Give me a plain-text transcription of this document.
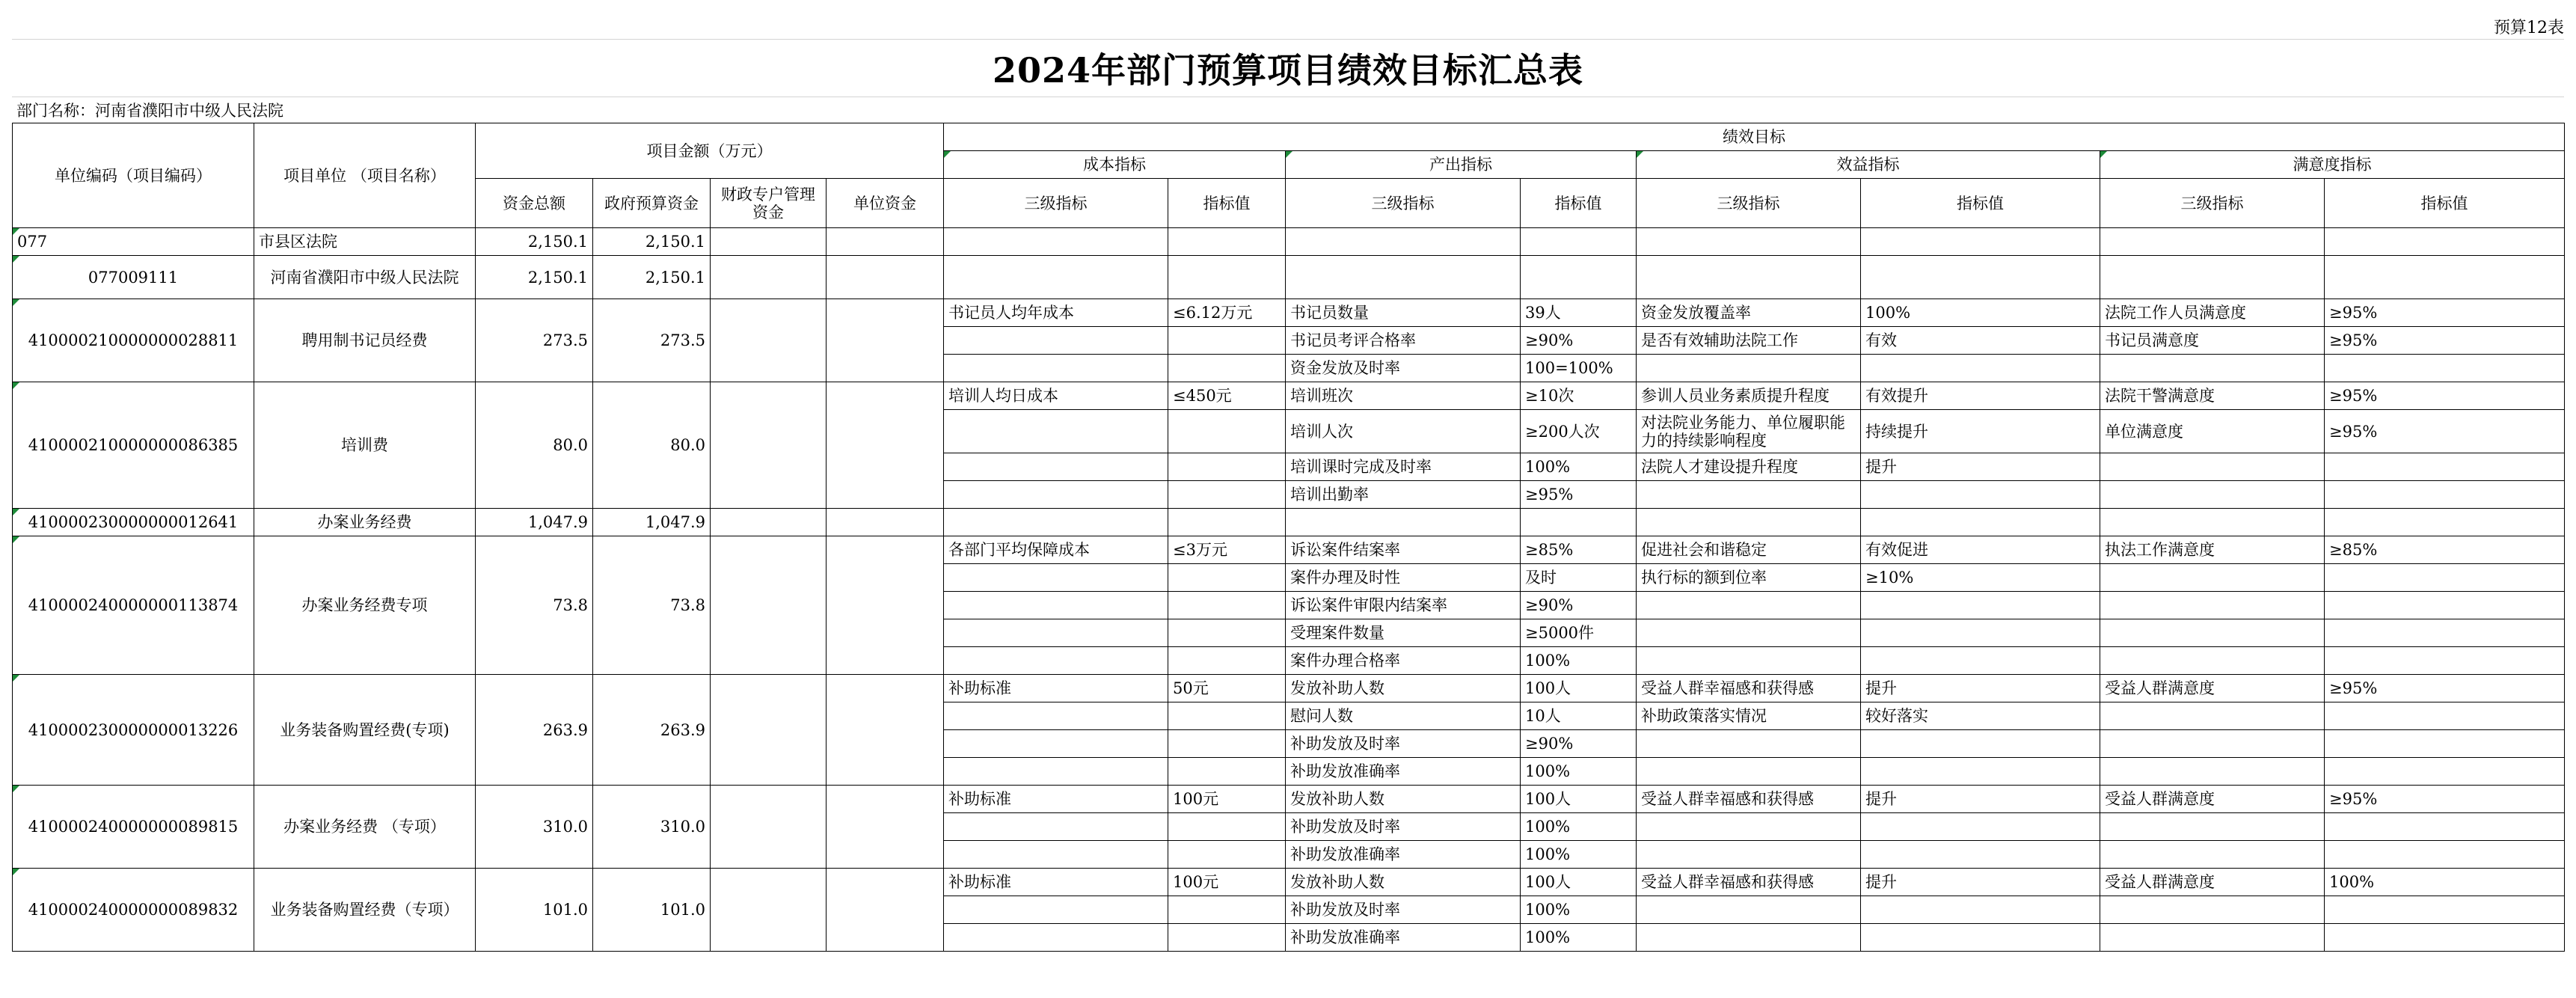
预算12表
2024年部门预算项目绩效目标汇总表
部门名称：河南省濮阳市中级人民法院
单位编码（项目编码）	项目单位 （项目名称）	项目金额（万元）				绩效目标							
						成本指标		产出指标		效益指标		满意度指标	
		资金总额	政府预算资金	财政专户管理资金	单位资金	三级指标	指标值	三级指标	指标值	三级指标	指标值	三级指标	指标值
077	市县区法院	2,150.1	2,150.1										
077009111	河南省濮阳市中级人民法院	2,150.1	2,150.1										
410000210000000028811	聘用制书记员经费	273.5	273.5			书记员人均年成本	≤6.12万元	书记员数量	39人	资金发放覆盖率	100%	法院工作人员满意度	≥95%
								书记员考评合格率	≥90%	是否有效辅助法院工作	有效	书记员满意度	≥95%
								资金发放及时率	100=100%				
410000210000000086385	培训费	80.0	80.0			培训人均日成本	≤450元	培训班次	≥10次	参训人员业务素质提升程度	有效提升	法院干警满意度	≥95%
								培训人次	≥200人次	对法院业务能力、单位履职能力的持续影响程度	持续提升	单位满意度	≥95%
								培训课时完成及时率	100%	法院人才建设提升程度	提升		
								培训出勤率	≥95%				
410000230000000012641	办案业务经费	1,047.9	1,047.9										
410000240000000113874	办案业务经费专项	73.8	73.8			各部门平均保障成本	≤3万元	诉讼案件结案率	≥85%	促进社会和谐稳定	有效促进	执法工作满意度	≥85%
								案件办理及时性	及时	执行标的额到位率	≥10%		
								诉讼案件审限内结案率	≥90%				
								受理案件数量	≥5000件				
								案件办理合格率	100%				
410000230000000013226	业务装备购置经费(专项)	263.9	263.9			补助标准	50元	发放补助人数	100人	受益人群幸福感和获得感	提升	受益人群满意度	≥95%
								慰问人数	10人	补助政策落实情况	较好落实		
								补助发放及时率	≥90%				
								补助发放准确率	100%				
410000240000000089815	办案业务经费 （专项）	310.0	310.0			补助标准	100元	发放补助人数	100人	受益人群幸福感和获得感	提升	受益人群满意度	≥95%
								补助发放及时率	100%				
								补助发放准确率	100%				
410000240000000089832	业务装备购置经费（专项）	101.0	101.0			补助标准	100元	发放补助人数	100人	受益人群幸福感和获得感	提升	受益人群满意度	100%
								补助发放及时率	100%				
								补助发放准确率	100%				
